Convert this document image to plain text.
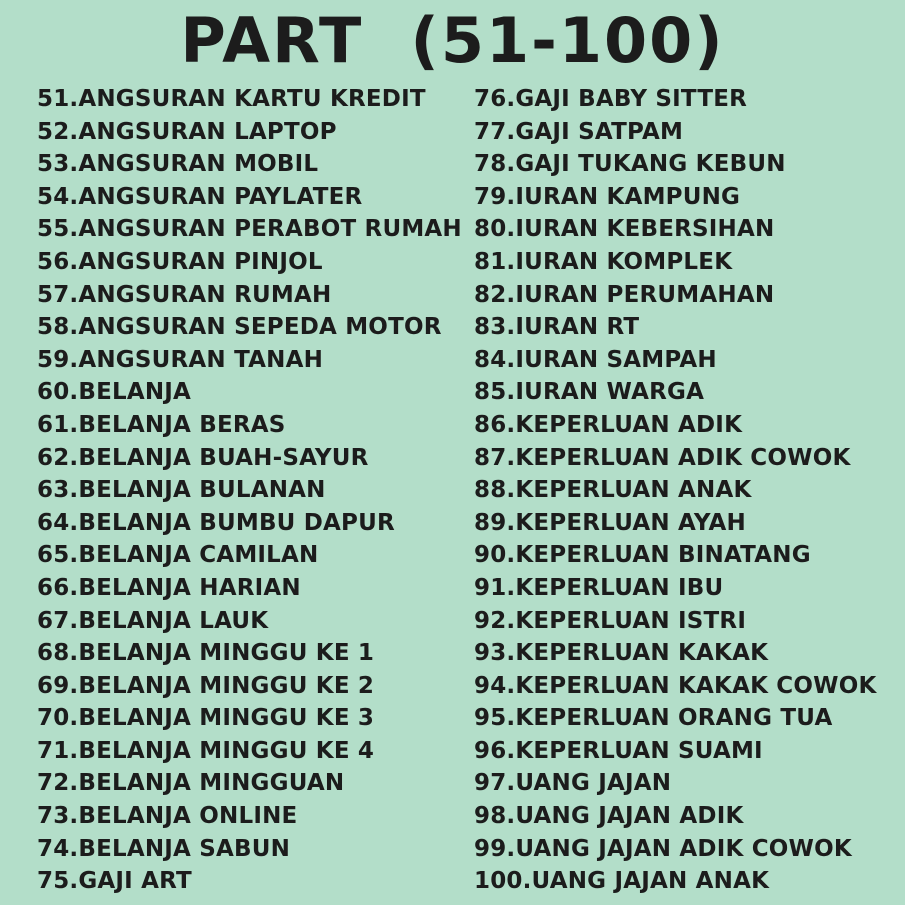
PART  (51-100)
51.ANGSURAN KARTU KREDIT
52.ANGSURAN LAPTOP
53.ANGSURAN MOBIL
54.ANGSURAN PAYLATER
55.ANGSURAN PERABOT RUMAH
56.ANGSURAN PINJOL
57.ANGSURAN RUMAH
58.ANGSURAN SEPEDA MOTOR
59.ANGSURAN TANAH
60.BELANJA
61.BELANJA BERAS
62.BELANJA BUAH-SAYUR
63.BELANJA BULANAN
64.BELANJA BUMBU DAPUR
65.BELANJA CAMILAN
66.BELANJA HARIAN
67.BELANJA LAUK
68.BELANJA MINGGU KE 1
69.BELANJA MINGGU KE 2
70.BELANJA MINGGU KE 3
71.BELANJA MINGGU KE 4
72.BELANJA MINGGUAN
73.BELANJA ONLINE
74.BELANJA SABUN
75.GAJI ART
76.GAJI BABY SITTER
77.GAJI SATPAM
78.GAJI TUKANG KEBUN
79.IURAN KAMPUNG
80.IURAN KEBERSIHAN
81.IURAN KOMPLEK
82.IURAN PERUMAHAN
83.IURAN RT
84.IURAN SAMPAH
85.IURAN WARGA
86.KEPERLUAN ADIK
87.KEPERLUAN ADIK COWOK
88.KEPERLUAN ANAK
89.KEPERLUAN AYAH
90.KEPERLUAN BINATANG
91.KEPERLUAN IBU
92.KEPERLUAN ISTRI
93.KEPERLUAN KAKAK
94.KEPERLUAN KAKAK COWOK
95.KEPERLUAN ORANG TUA
96.KEPERLUAN SUAMI
97.UANG JAJAN
98.UANG JAJAN ADIK
99.UANG JAJAN ADIK COWOK
100.UANG JAJAN ANAK
